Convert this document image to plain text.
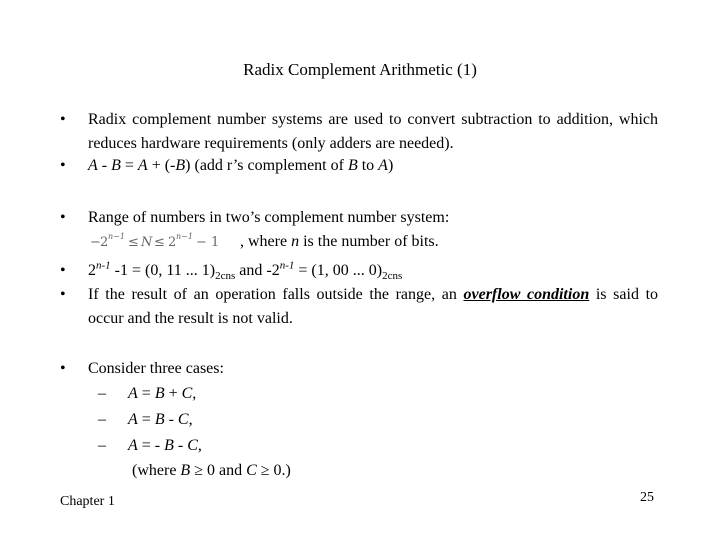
Radix Complement Arithmetic (1)
• Radix complement number systems are used to convert subtraction to addition, which reduces hardware requirements (only adders are needed).
• A - B = A + (-B) (add r’s complement of B to A)
• Range of numbers in two’s complement number system:
− 2 n−1 ≤ N ≤ 2 n−1 − 1 , where n is the number of bits.
• 2$^{n-1}$ -1 = (0, 11 ... $1)_{2cns}$ and $-2^{n-1} = (1$, 00 ... $0)_{2cns}$
• If the result of an operation falls outside the range, an overflow condition is said to occur and the result is not valid.
• Consider three cases:
– A = B + C,
– A = B - C,
– A = - B - C,
(where B ≥ 0 and C ≥ 0.)
Chapter 1	25
